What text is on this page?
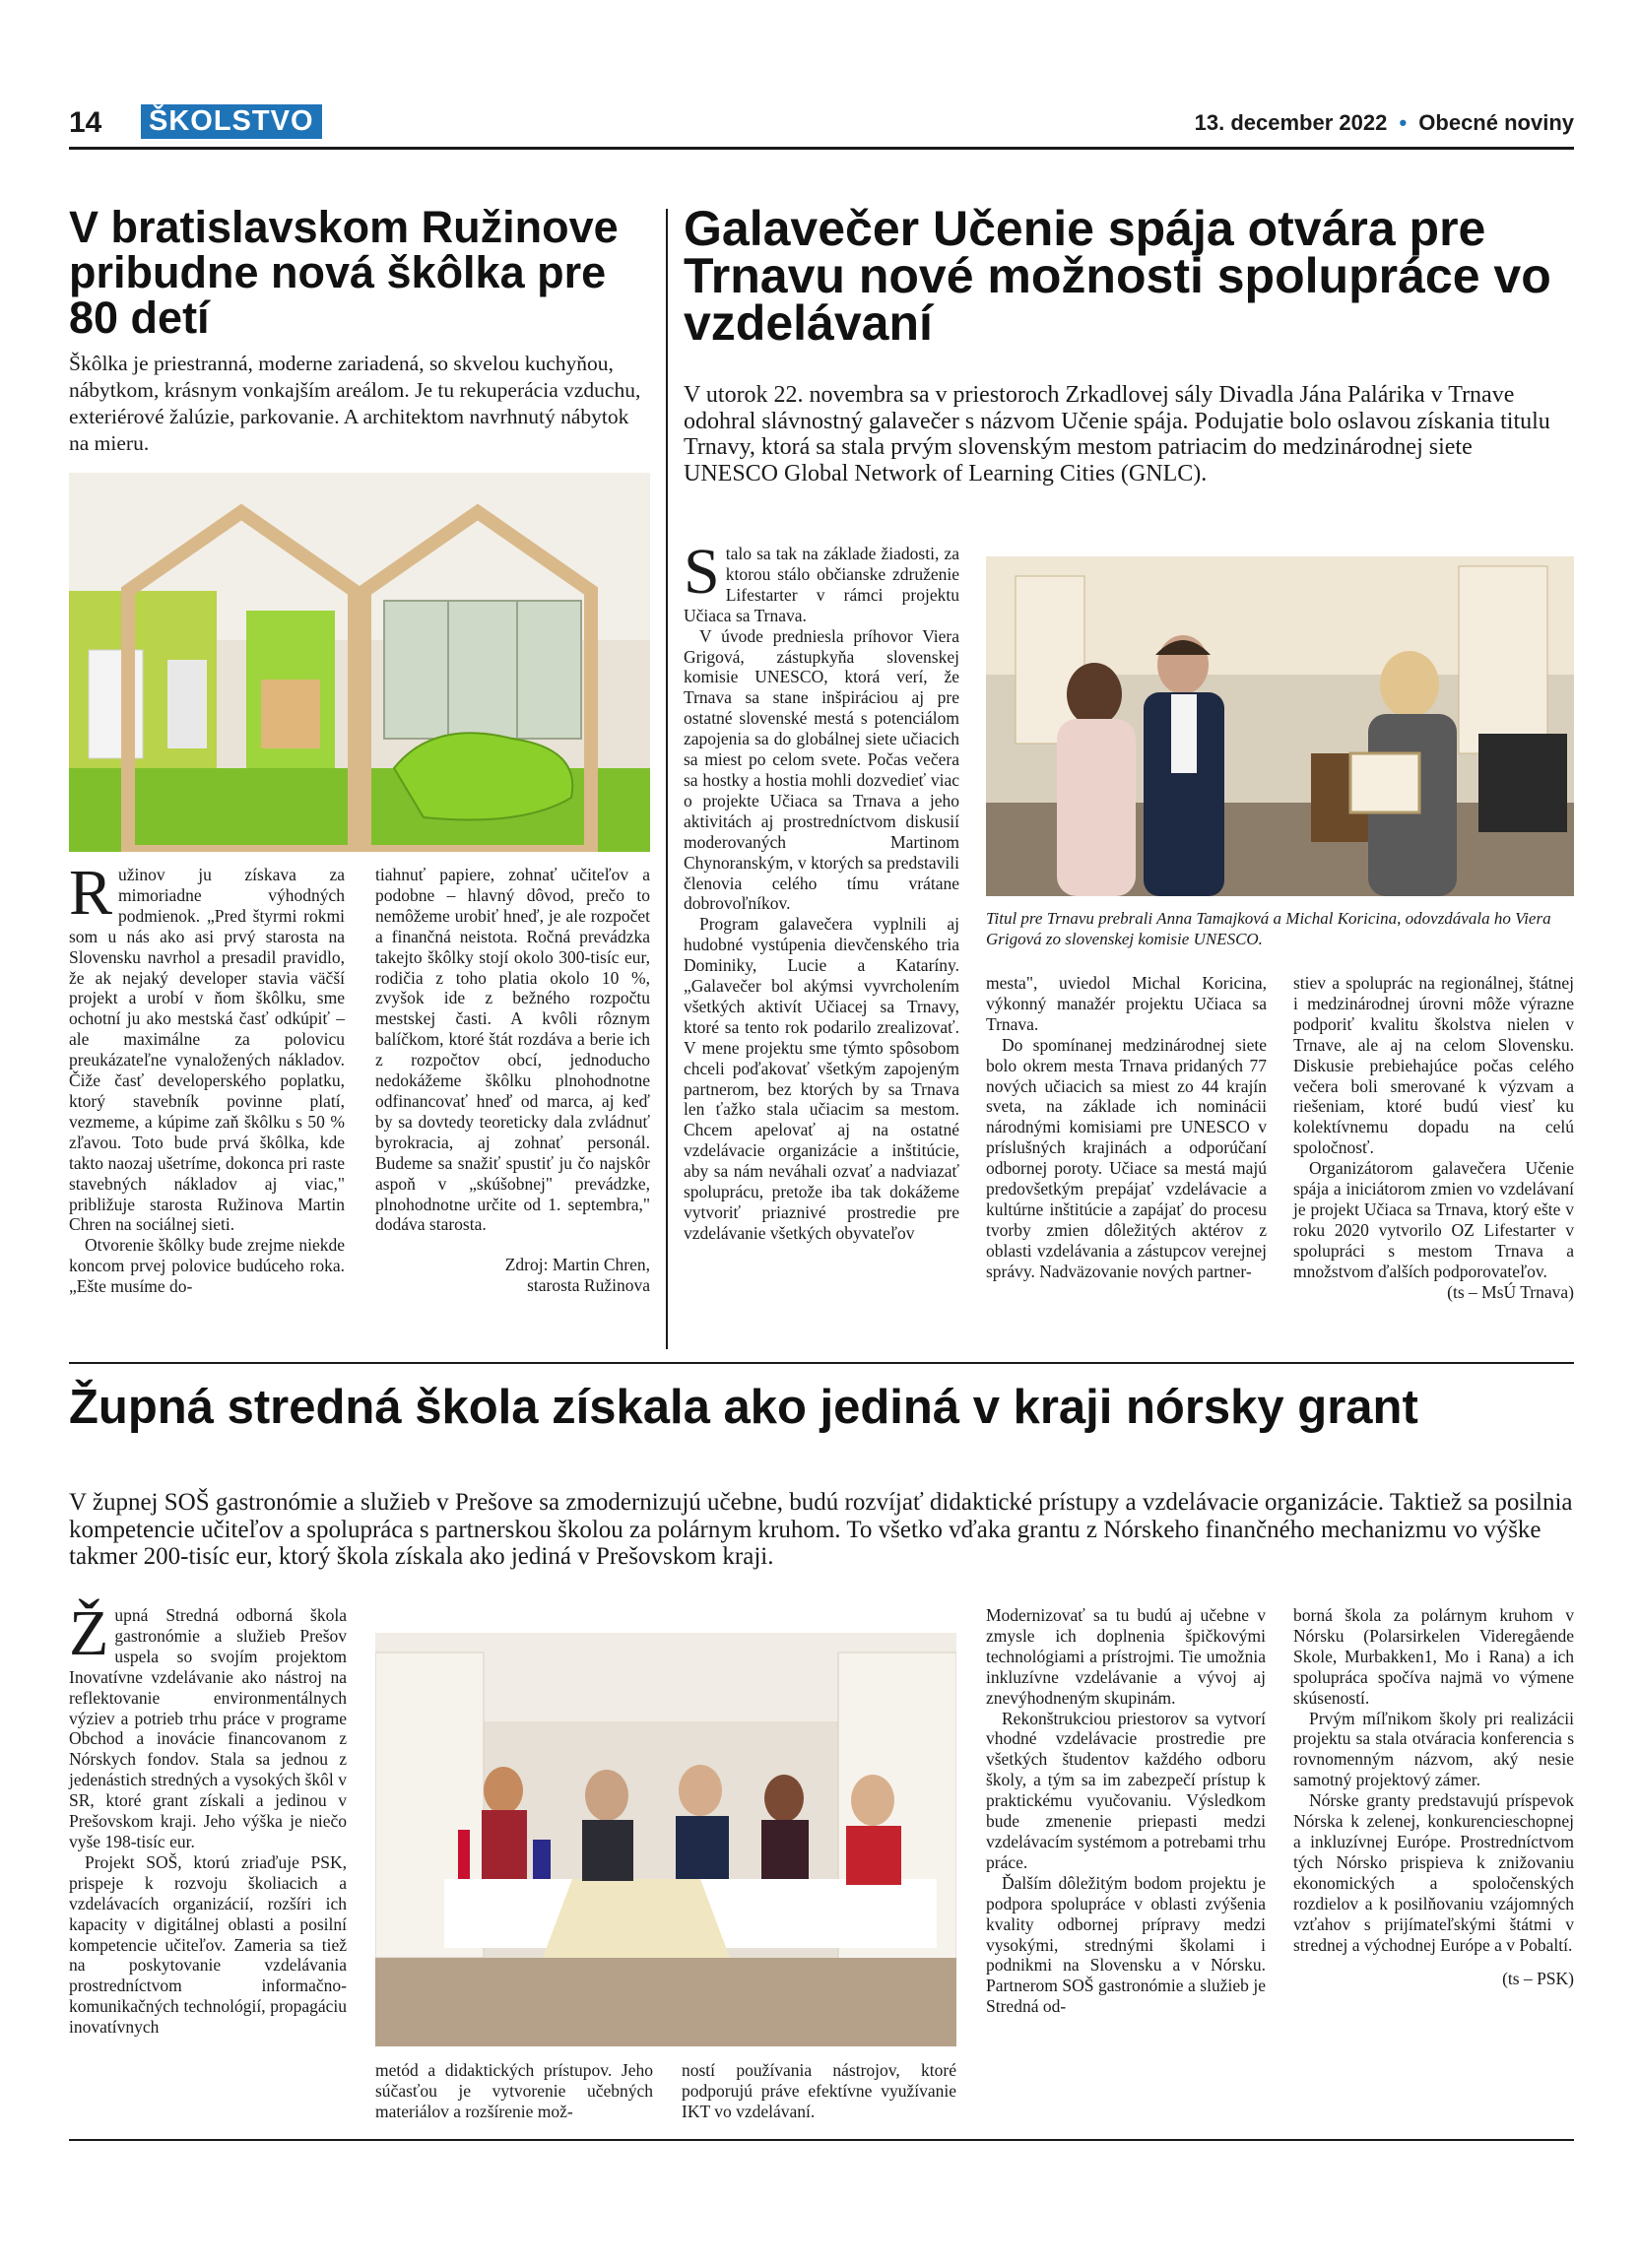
14 ŠKOLSTVO	13. december 2022 • Obecné noviny
V bratislavskom Ružinove pribudne nová škôlka pre 80 detí
Škôlka je priestranná, moderne zariadená, so skvelou kuchyňou, nábytkom, krásnym vonkajším areálom. Je tu rekuperácia vzduchu, exteriérové žalúzie, parkovanie. A architektom navrhnutý nábytok na mieru.
R užinov ju získava za mimoriadne výhodných podmienok. „Pred štyrmi rokmi som u nás ako asi prvý starosta na Slovensku navrhol a presadil pravidlo, že ak nejaký developer stavia väčší projekt a urobí v ňom škôlku, sme ochotní ju ako mestská časť odkúpiť – ale maximálne za polovicu preukázateľne vynaložených nákladov. Čiže časť developerského poplatku, ktorý stavebník povinne platí, vezmeme, a kúpime zaň škôlku s 50 % zľavou. Toto bude prvá škôlka, kde takto naozaj ušetríme, dokonca pri raste stavebných nákladov aj viac," približuje starosta Ružinova Martin Chren na sociálnej sieti.

Otvorenie škôlky bude zrejme niekde koncom prvej polovice budúceho roka. „Ešte musíme do-

tiahnuť papiere, zohnať učiteľov a podobne – hlavný dôvod, prečo to nemôžeme urobiť hneď, je ale rozpočet a finančná neistota. Ročná prevádzka takejto škôlky stojí okolo 300-tisíc eur, rodičia z toho platia okolo 10 %, zvyšok ide z bežného rozpočtu mestskej časti. A kvôli rôznym balíčkom, ktoré štát rozdáva a berie ich z rozpočtov obcí, jednoducho nedokážeme škôlku plnohodnotne odfinancovať hneď od marca, aj keď by sa dovtedy teoreticky dala zvládnuť byrokracia, aj zohnať personál. Budeme sa snažiť spustiť ju čo najskôr aspoň v „skúšobnej" prevádzke, plnohodnotne určite od 1. septembra," dodáva starosta.

Zdroj: Martin Chren,

starosta Ružinova

Galavečer Učenie spája otvára pre Trnavu nové možnosti spolupráce vo vzdelávaní
V utorok 22. novembra sa v priestoroch Zrkadlovej sály Divadla Jána Palárika v Trnave odohral slávnostný galavečer s názvom Učenie spája. Podujatie bolo oslavou získania titulu Trnavy, ktorá sa stala prvým slovenským mestom patriacim do medzinárodnej siete UNESCO Global Network of Learning Cities (GNLC).
S talo sa tak na základe žiadosti, za ktorou stálo občianske združenie Lifestarter v rámci projektu Učiaca sa Trnava.

V úvode predniesla príhovor Viera Grigová, zástupkyňa slovenskej komisie UNESCO, ktorá verí, že Trnava sa stane inšpiráciou aj pre ostatné slovenské mestá s potenciálom zapojenia sa do globálnej siete učiacich sa miest po celom svete. Počas večera sa hostky a hostia mohli dozvedieť viac o projekte Učiaca sa Trnava a jeho aktivitách aj prostredníctvom diskusií moderovaných Martinom Chynoranským, v ktorých sa predstavili členovia celého tímu vrátane dobrovoľníkov.

Program galavečera vyplnili aj hudobné vystúpenia dievčenského tria Dominiky, Lucie a Kataríny. „Galavečer bol akýmsi vyvrcholením všetkých aktivít Učiacej sa Trnavy, ktoré sa tento rok podarilo zrealizovať. V mene projektu sme týmto spôsobom chceli poďakovať všetkým zapojeným partnerom, bez ktorých by sa Trnava len ťažko stala učiacim sa mestom. Chcem apelovať aj na ostatné vzdelávacie organizácie a inštitúcie, aby sa nám neváhali ozvať a nadviazať spoluprácu, pretože iba tak dokážeme vytvoriť priaznivé prostredie pre vzdelávanie všetkých obyvateľov

Titul pre Trnavu prebrali Anna Tamajková a Michal Koricina, odovzdávala ho Viera Grigová zo slovenskej komisie UNESCO.

mesta", uviedol Michal Koricina, výkonný manažér projektu Učiaca sa Trnava.

Do spomínanej medzinárodnej siete bolo okrem mesta Trnava pridaných 77 nových učiacich sa miest zo 44 krajín sveta, na základe ich nominácii národnými komisiami pre UNESCO v príslušných krajinách a odporúčaní odbornej poroty. Učiace sa mestá majú predovšetkým prepájať vzdelávacie a kultúrne inštitúcie a zapájať do procesu tvorby zmien dôležitých aktérov z oblasti vzdelávania a zástupcov verejnej správy. Nadväzovanie nových partner-

stiev a spoluprác na regionálnej, štátnej i medzinárodnej úrovni môže výrazne podporiť kvalitu školstva nielen v Trnave, ale aj na celom Slovensku. Diskusie prebiehajúce počas celého večera boli smerované k výzvam a riešeniam, ktoré budú viesť ku kolektívnemu dopadu na celú spoločnosť.

Organizátorom galavečera Učenie spája a iniciátorom zmien vo vzdelávaní je projekt Učiaca sa Trnava, ktorý ešte v roku 2020 vytvorilo OZ Lifestarter v spolupráci s mestom Trnava a množstvom ďalších podporovateľov.

(ts – MsÚ Trnava)

Župná stredná škola získala ako jediná v kraji nórsky grant
V župnej SOŠ gastronómie a služieb v Prešove sa zmodernizujú učebne, budú rozvíjať didaktické prístupy a vzdelávacie organizácie. Taktiež sa posilnia kompetencie učiteľov a spolupráca s partnerskou školou za polárnym kruhom. To všetko vďaka grantu z Nórskeho finančného mechanizmu vo výške takmer 200-tisíc eur, ktorý škola získala ako jediná v Prešovskom kraji.
Ž upná Stredná odborná škola gastronómie a služieb Prešov uspela so svojím projektom Inovatívne vzdelávanie ako nástroj na reflektovanie environmentálnych výziev a potrieb trhu práce v programe Obchod a inovácie financovanom z Nórskych fondov. Stala sa jednou z jedenástich stredných a vysokých škôl v SR, ktoré grant získali a jedinou v Prešovskom kraji. Jeho výška je niečo vyše 198-tisíc eur.

Projekt SOŠ, ktorú zriaďuje PSK, prispeje k rozvoju školiacich a vzdelávacích organizácií, rozšíri ich kapacity v digitálnej oblasti a posilní kompetencie učiteľov. Zameria sa tiež na poskytovanie vzdelávania prostredníctvom informačno-komunikačných technológií, propagáciu inovatívnych

metód a didaktických prístupov. Jeho súčasťou je vytvorenie učebných materiálov a rozšírenie mož-
ností používania nástrojov, ktoré podporujú práve efektívne využívanie IKT vo vzdelávaní.

Modernizovať sa tu budú aj učebne v zmysle ich doplnenia špičkovými technológiami a prístrojmi. Tie umožnia inkluzívne vzdelávanie a vývoj aj znevýhodneným skupinám.

Rekonštrukciou priestorov sa vytvorí vhodné vzdelávacie prostredie pre všetkých študentov každého odboru školy, a tým sa im zabezpečí prístup k praktickému vyučovaniu. Výsledkom bude zmenenie priepasti medzi vzdelávacím systémom a potrebami trhu práce.

Ďalším dôležitým bodom projektu je podpora spolupráce v oblasti zvýšenia kvality odbornej prípravy medzi vysokými, strednými školami i podnikmi na Slovensku a v Nórsku. Partnerom SOŠ gastronómie a služieb je Stredná od-

borná škola za polárnym kruhom v Nórsku (Polarsirkelen Videregående Skole, Murbakken1, Mo i Rana) a ich spolupráca spočíva najmä vo výmene skúseností.

Prvým míľnikom školy pri realizácii projektu sa stala otváracia konferencia s rovnomenným názvom, aký nesie samotný projektový zámer.

Nórske granty predstavujú príspevok Nórska k zelenej, konkurencieschopnej a inkluzívnej Európe. Prostredníctvom tých Nórsko prispieva k znižovaniu ekonomických a spoločenských rozdielov a k posilňovaniu vzájomných vzťahov s prijímateľskými štátmi v strednej a východnej Európe a v Pobaltí.

(ts – PSK)
